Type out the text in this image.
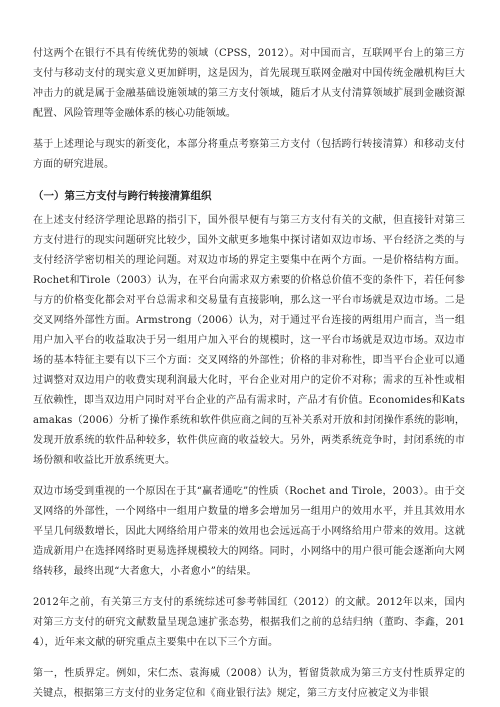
付这两个在银行不具有传统优势的领域（CPSS，2012）。对中国而言，互联网平台上的第三方支付与移动支付的现实意义更加鲜明，这是因为，首先展现互联网金融对中国传统金融机构巨大冲击力的就是属于金融基础设施领域的第三方支付领域，随后才从支付清算领域扩展到金融资源配置、风险管理等金融体系的核心功能领域。

基于上述理论与现实的新变化，本部分将重点考察第三方支付（包括跨行转接清算）和移动支付方面的研究进展。

（一）第三方支付与跨行转接清算组织

在上述支付经济学理论思路的指引下，国外很早便有与第三方支付有关的文献，但直接针对第三方支付进行的现实问题研究比较少，国外文献更多地集中探讨诸如双边市场、平台经济之类的与支付经济学密切相关的理论问题。对双边市场的界定主要集中在两个方面。一是价格结构方面。Rochet和Tirole（2003）认为，在平台向需求双方索要的价格总价值不变的条件下，若任何参与方的价格变化都会对平台总需求和交易量有直接影响，那么这一平台市场就是双边市场。二是交叉网络外部性方面。Armstrong（2006）认为，对于通过平台连接的两组用户而言，当一组用户加入平台的收益取决于另一组用户加入平台的规模时，这一平台市场就是双边市场。双边市场的基本特征主要有以下三个方面：交叉网络的外部性；价格的非对称性，即当平台企业可以通过调整对双边用户的收费实现利润最大化时，平台企业对用户的定价不对称；需求的互补性或相互依赖性，即当双边用户同时对平台企业的产品有需求时，产品才有价值。Economides和Katsamakas（2006）分析了操作系统和软件供应商之间的互补关系对开放和封闭操作系统的影响，发现开放系统的软件品种较多，软件供应商的收益较大。另外，两类系统竞争时，封闭系统的市场份额和收益比开放系统更大。

双边市场受到重视的一个原因在于其“赢者通吃”的性质（Rochet and Tirole，2003）。由于交叉网络的外部性，一个网络中一组用户数量的增多会增加另一组用户的效用水平，并且其效用水平呈几何级数增长，因此大网络给用户带来的效用也会远远高于小网络给用户带来的效用。这就造成新用户在选择网络时更易选择规模较大的网络。同时，小网络中的用户很可能会逐渐向大网络转移，最终出现“大者愈大，小者愈小”的结果。

2012年之前，有关第三方支付的系统综述可参考韩国红（2012）的文献。2012年以来，国内对第三方支付的研究文献数量呈现急速扩张态势，根据我们之前的总结归纳（董昀、李鑫，2014），近年来文献的研究重点主要集中在以下三个方面。

第一，性质界定。例如，宋仁杰、袁海威（2008）认为，暂留货款成为第三方支付性质界定的关键点，根据第三方支付的业务定位和《商业银行法》规定，第三方支付应被定义为非银
